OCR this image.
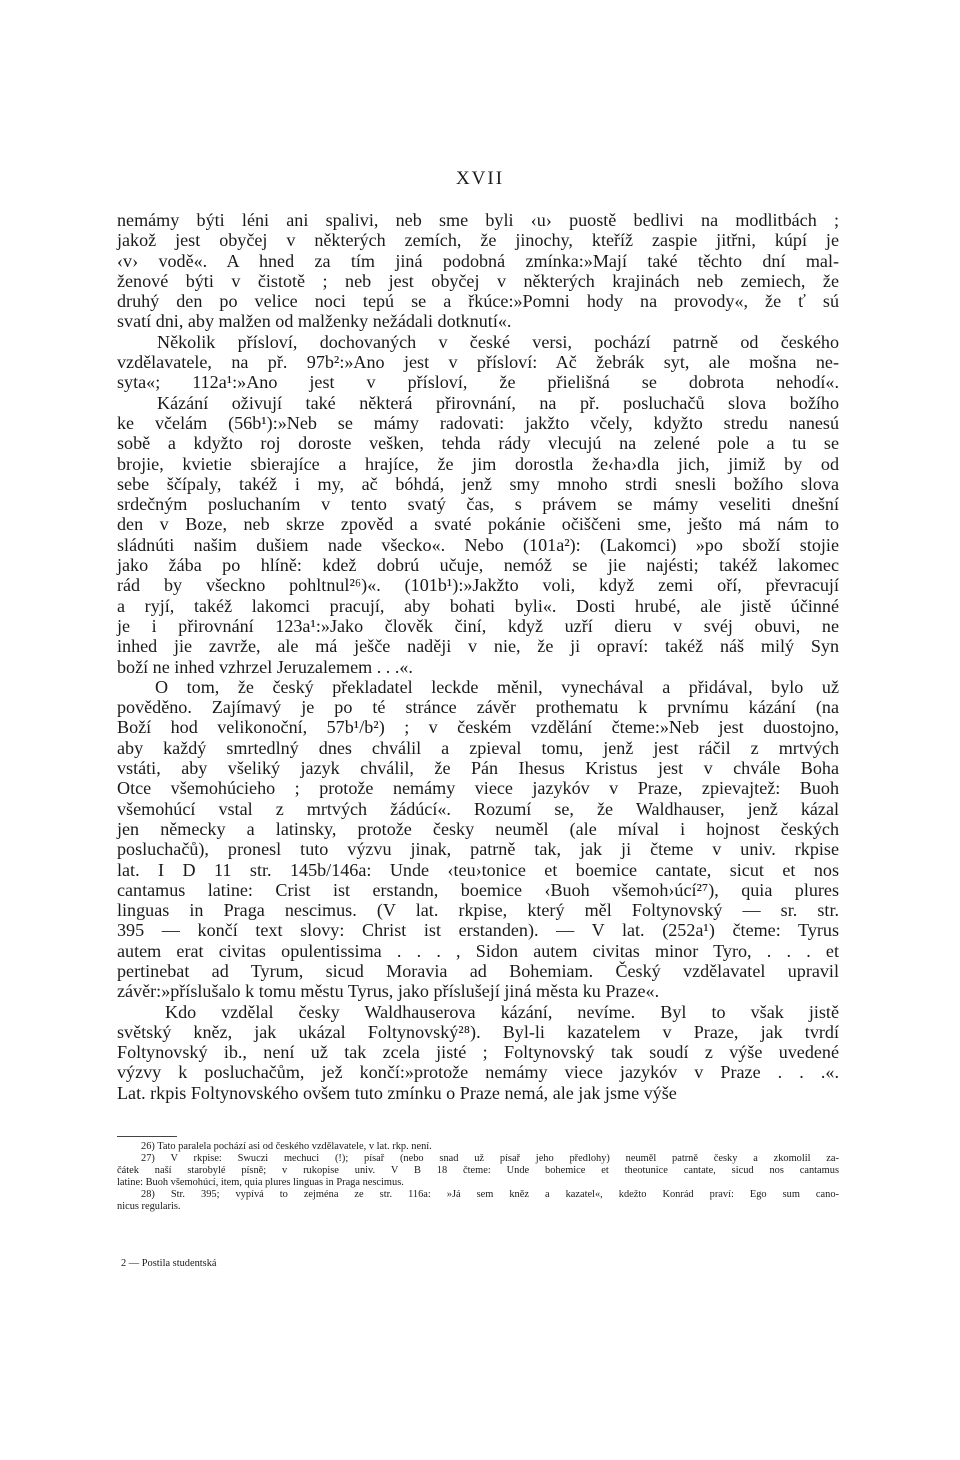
XVII
nemámy býti léni ani spalivi, neb sme byli ‹u› puostě bedlivi na modlitbách ;
jakož jest obyčej v některých zemích, že jinochy, kteříž zaspie jitřni, kúpí je
‹v› vodě«. A hned za tím jiná podobná zmínka:»Mají také těchto dní mal-
ženové býti v čistotě ; neb jest obyčej v některých krajinách neb zemiech, že
druhý den po velice noci tepú se a řkúce:»Pomni hody na provody«, že ť sú
svatí dni, aby malžen od malženky nežádali dotknutí«.
Několik přísloví, dochovaných v české versi, pochází patrně od českého
vzdělavatele, na př. 97b²:»Ano jest v přísloví: Ač žebrák syt, ale mošna ne-
syta«; 112a¹:»Ano jest v přísloví, že přielišná se dobrota nehodí«.
Kázání oživují také některá přirovnání, na př. posluchačů slova božího
ke včelám (56b¹):»Neb se mámy radovati: jakžto včely, kdyžto stredu nanesú
sobě a kdyžto roj doroste vešken, tehda rády vlecujú na zelené pole a tu se
brojie, kvietie sbierajíce a hrajíce, že jim dorostla že‹ha›dla jich, jimiž by od
sebe ščípaly, takéž i my, ač bóhdá, jenž smy mnoho strdi snesli božího slova
srdečným posluchaním v tento svatý čas, s právem se mámy veseliti dnešní
den v Boze, neb skrze zpověd a svaté pokánie očiščeni sme, ještо má nám to
sládnúti našim dušiem nade všecko«. Nebo (101a²): (Lakomci) »po sboží stojie
jako žába po hlíně: kdež dobrú učuje, nemóž se jie najésti; takéž lakomec
rád by všeckno pohltnul²⁶)«. (101b¹):»Jakžto voli, když zemi oří, převracují
a ryjí, takéž lakomci pracují, aby bohati byli«. Dosti hrubé, ale jistě účinné
je i přirovnání 123a¹:»Jako člověk činí, když uzří dieru v svéj obuvi, ne
inhed jie zavrže, ale má ješče naději v nie, že ji opraví: takéž náš milý Syn
boží ne inhed vzhrzel Jeruzalemem . . .«.
O tom, že český překladatel leckde měnil, vynechával a přidával, bylo už
pověděno. Zajímavý je po té stránce závěr prothematu k prvnímu kázání (na
Boží hod velikonoční, 57b¹/b²) ; v českém vzdělání čteme:»Neb jest duostojno,
aby každý smrtedlný dnes chválil a zpieval tomu, jenž jest ráčil z mrtvých
vstáti, aby všeliký jazyk chválil, že Pán Ihesus Kristus jest v chvále Boha
Otce všemohúcieho ; protože nemámy viece jazykóv v Praze, zpievajtež: Buoh
všemohúcí vstal z mrtvých žádúcí«. Rozumí se, že Waldhauser, jenž kázal
jen německy a latinsky, protože česky neuměl (ale míval i hojnost českých
posluchačů), pronesl tuto výzvu jinak, patrně tak, jak ji čteme v univ. rkpise
lat. I D 11 str. 145b/146a: Unde ‹teu›tonice et boemice cantate, sicut et nos
cantamus latine: Crist ist erstandn, boemice ‹Buoh všemoh›úcí²⁷), quia plures
linguas in Praga nescimus. (V lat. rkpise, který měl Foltynovský — sr. str.
395 — končí text slovy: Christ ist erstanden). — V lat. (252a¹) čteme: Tyrus
autem erat civitas opulentissima . . . , Sidon autem civitas minor Tyro, . . . et
pertinebat ad Tyrum, sicud Moravia ad Bohemiam. Český vzdělavatel upravil
závěr:»příslušalo k tomu městu Tyrus, jako příslušejí jiná města ku Praze«.
Kdo vzdělal česky Waldhauserova kázání, nevíme. Byl to však jistě
světský kněz, jak ukázal Foltynovský²⁸). Byl-li kazatelem v Praze, jak tvrdí
Foltynovský ib., není už tak zcela jisté ; Foltynovský tak soudí z výše uvedené
výzvy k posluchačům, jež končí:»protože nemámy viece jazykóv v Praze . . .«.
Lat. rkpis Foltynovského ovšem tuto zmínku o Praze nemá, ale jak jsme výše
26) Tato paralela pochází asi od českého vzdělavatele, v lat. rkp. není.
27) V rkpise: Swuczi mechuci (!); písař (nebo snad už písař jeho předlohy) neuměl patrně česky a zkomolil za-
čátek naší starobylé písně; v rukopise univ. V B 18 čteme: Unde bohemice et theotunice cantate, sicud nos cantamus
latine: Buoh všemohúcí, item, quia plures linguas in Praga nescimus.
28) Str. 395; vypívá to zejména ze str. 116a: »Já sem kněz a kazatel«, kdežto Konrád praví: Ego sum cano-
nicus regularis.
2 — Postila studentská
